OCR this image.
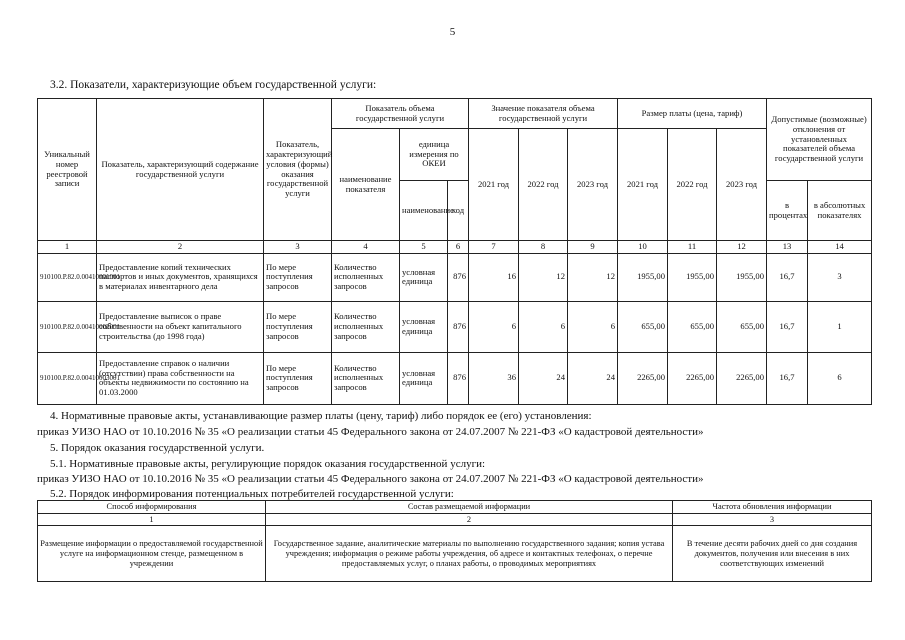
5
3.2. Показатели, характеризующие объем государственной услуги:
Уникальный номер реестровой записи	Показатель, характеризующий содержание государственной услуги	Показатель, характеризующий условия (формы) оказания государственной услуги	Показатель объема государственной услуги			Значение показателя объема государственной услуги			Размер платы (цена, тариф)			Допустимые (возможные) отклонения от установленных показателей объема государственной услуги	
			наименование показателя	единица измерения по ОКЕИ		2021 год	2022 год	2023 год	2021 год	2022 год	2023 год		
				наименование	код							в процентах	в абсолютных показателях
1	2	3	4	5	6	7	8	9	10	11	12	13	14
910100.Р.82.0.00410001001	Предоставление копий технических паспортов и иных документов, хранящихся в материалах инвентарного дела	По мере поступления запросов	Количество исполненных запросов	условная единица	876	16	12	12	1955,00	1955,00	1955,00	16,7	3
910100.Р.82.0.00410002001	Предоставление выписок о праве собственности на объект капитального строительства (до 1998 года)	По мере поступления запросов	Количество исполненных запросов	условная единица	876	6	6	6	655,00	655,00	655,00	16,7	1
910100.Р.82.0.00410003001	Предоставление справок о наличии (отсутствии) права собственности на объекты недвижимости по состоянию на 01.03.2000	По мере поступления запросов	Количество исполненных запросов	условная единица	876	36	24	24	2265,00	2265,00	2265,00	16,7	6
4. Нормативные правовые акты, устанавливающие размер платы (цену, тариф) либо порядок ее (его) установления:
приказ УИЗО НАО от 10.10.2016 № 35 «О реализации статьи 45 Федерального закона от 24.07.2007 № 221-ФЗ «О кадастровой деятельности»
5. Порядок оказания государственной услуги.
5.1. Нормативные правовые акты, регулирующие порядок оказания государственной услуги:
приказ УИЗО НАО от 10.10.2016 № 35 «О реализации статьи 45 Федерального закона от 24.07.2007 № 221-ФЗ «О кадастровой деятельности»
5.2. Порядок информирования потенциальных потребителей государственной услуги:
Способ информирования	Состав размещаемой информации	Частота обновления информации
1	2	3
Размещение информации о предоставляемой государственной услуге на информационном стенде, размещенном в учреждении	Государственное задание, аналитические материалы по выполнению государственного задания; копия устава учреждения; информация о режиме работы учреждения, об адресе и контактных телефонах, о перечне предоставляемых услуг, о планах работы, о проводимых мероприятиях	В течение десяти рабочих дней со дня создания документов, получения или внесения в них соответствующих изменений
